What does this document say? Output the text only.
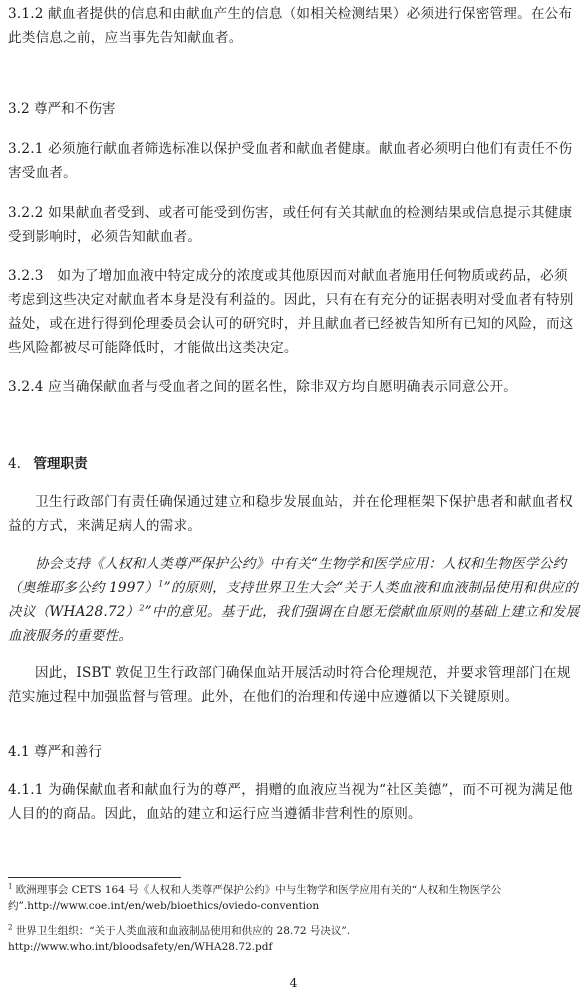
3.1.2 献血者提供的信息和由献血产生的信息（如相关检测结果）必须进行保密管理。在公布此类信息之前，应当事先告知献血者。

3.2 尊严和不伤害

3.2.1 必须施行献血者筛选标准以保护受血者和献血者健康。献血者必须明白他们有责任不伤害受血者。

3.2.2 如果献血者受到、或者可能受到伤害，或任何有关其献血的检测结果或信息提示其健康受到影响时，必须告知献血者。

3.2.3　如为了增加血液中特定成分的浓度或其他原因而对献血者施用任何物质或药品，必须考虑到这些决定对献血者本身是没有利益的。因此，只有在有充分的证据表明对受血者有特别益处，或在进行得到伦理委员会认可的研究时，并且献血者已经被告知所有已知的风险，而这些风险都被尽可能降低时，才能做出这类决定。

3.2.4 应当确保献血者与受血者之间的匿名性，除非双方均自愿明确表示同意公开。

4. 管理职责

卫生行政部门有责任确保通过建立和稳步发展血站，并在伦理框架下保护患者和献血者权益的方式，来满足病人的需求。

协会支持《人权和人类尊严保护公约》中有关“生物学和医学应用：人权和生物医学公约（奥维耶多公约 1997）$^1$”的原则，支持世界卫生大会“关于人类血液和血液制品使用和供应的决议$(WHA28.72)^2$”中的意见。基于此，我们强调在自愿无偿献血原则的基础上建立和发展血液服务的重要性。

因此，ISBT 敦促卫生行政部门确保血站开展活动时符合伦理规范，并要求管理部门在规范实施过程中加强监督与管理。此外，在他们的治理和传递中应遵循以下关键原则。

4.1 尊严和善行

4.1.1 为确保献血者和献血行为的尊严，捐赠的血液应当视为“社区美德”，而不可视为满足他人目的的商品。因此，血站的建立和运行应当遵循非营利性的原则。

$^1$ 欧洲理事会 CETS 164 号《人权和人类尊严保护公约》中与生物学和医学应用有关的“人权和生物医学公约”.http://www.coe.int/en/web/bioethics/oviedo-convention

$^2$ 世界卫生组织：“关于人类血液和血液制品使用和供应的 28.72 号决议”.
http://www.who.int/bloodsafety/en/WHA28.72.pdf

4
